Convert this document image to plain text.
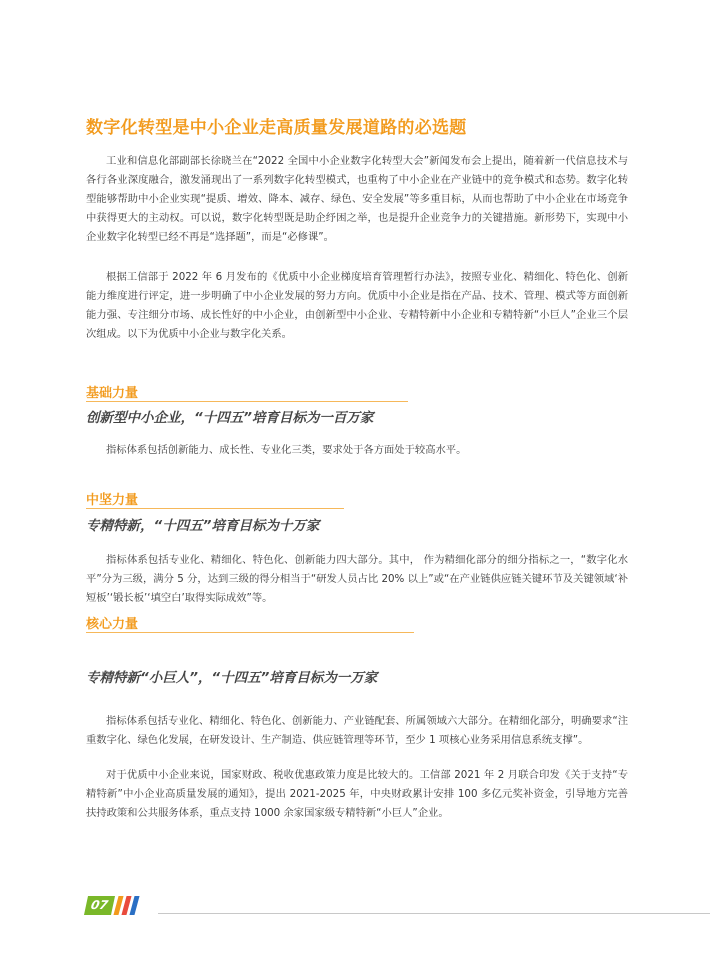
数字化转型是中小企业走高质量发展道路的必选题

工业和信息化部副部长徐晓兰在“2022 全国中小企业数字化转型大会”新闻发布会上提出，随着新一代信息技术与各行各业深度融合，激发涌现出了一系列数字化转型模式，也重构了中小企业在产业链中的竞争模式和态势。数字化转型能够帮助中小企业实现“提质、增效、降本、减存、绿色、安全发展”等多重目标，从而也帮助了中小企业在市场竞争中获得更大的主动权。可以说，数字化转型既是助企纾困之举，也是提升企业竞争力的关键措施。新形势下，实现中小企业数字化转型已经不再是“选择题”，而是“必修课”。

根据工信部于 2022 年 6 月发布的《优质中小企业梯度培育管理暂行办法》，按照专业化、精细化、特色化、创新能力维度进行评定，进一步明确了中小企业发展的努力方向。优质中小企业是指在产品、技术、管理、模式等方面创新能力强、专注细分市场、成长性好的中小企业，由创新型中小企业、专精特新中小企业和专精特新“小巨人”企业三个层次组成。以下为优质中小企业与数字化关系。

基础力量
创新型中小企业，“十四五”培育目标为一百万家

指标体系包括创新能力、成长性、专业化三类，要求处于各方面处于较高水平。

中坚力量
专精特新，“十四五”培育目标为十万家

指标体系包括专业化、精细化、特色化、创新能力四大部分。其中， 作为精细化部分的细分指标之一，“数字化水平”分为三级，满分 5 分，达到三级的得分相当于“研发人员占比 20% 以上”或“在产业链供应链关键环节及关键领域‘补短板’‘锻长板’‘填空白’取得实际成效”等。

核心力量
专精特新“小巨人”，“十四五”培育目标为一万家

指标体系包括专业化、精细化、特色化、创新能力、产业链配套、所属领域六大部分。在精细化部分，明确要求“注重数字化、绿色化发展，在研发设计、生产制造、供应链管理等环节，至少 1 项核心业务采用信息系统支撑”。

对于优质中小企业来说，国家财政、税收优惠政策力度是比较大的。工信部 2021 年 2 月联合印发《关于支持“专精特新”中小企业高质量发展的通知》，提出 2021-2025 年，中央财政累计安排 100 多亿元奖补资金，引导地方完善扶持政策和公共服务体系，重点支持 1000 余家国家级专精特新“小巨人”企业。

07
